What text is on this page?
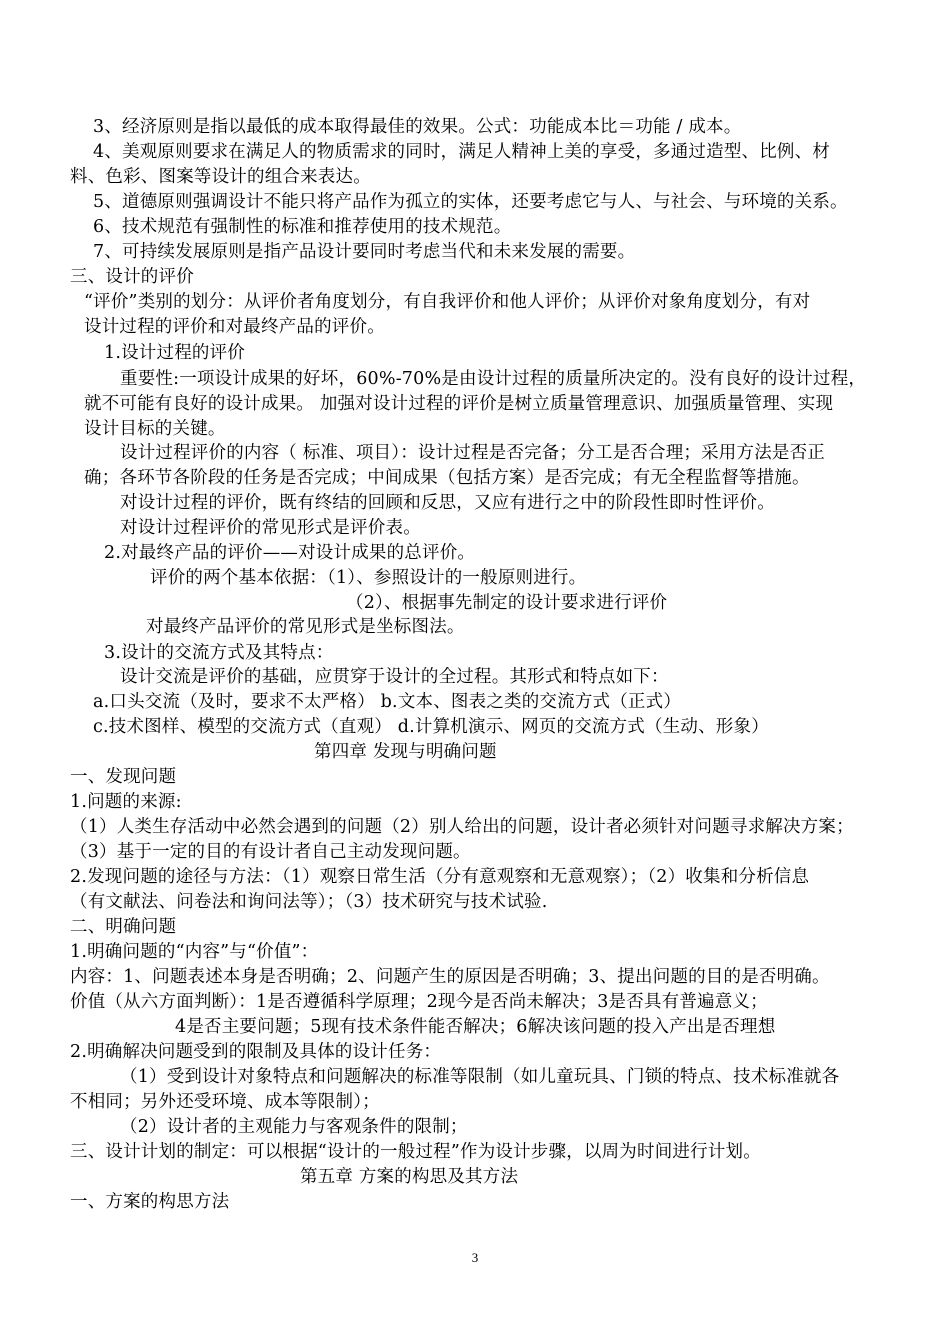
3、经济原则是指以最低的成本取得最佳的效果。公式：功能成本比＝功能 / 成本。
4、美观原则要求在满足人的物质需求的同时，满足人精神上美的享受，多通过造型、比例、材
料、色彩、图案等设计的组合来表达。
5、道德原则强调设计不能只将产品作为孤立的实体，还要考虑它与人、与社会、与环境的关系。
6、技术规范有强制性的标准和推荐使用的技术规范。
7、可持续发展原则是指产品设计要同时考虑当代和未来发展的需要。
三、设计的评价
“评价”类别的划分：从评价者角度划分，有自我评价和他人评价；从评价对象角度划分，有对
设计过程的评价和对最终产品的评价。
1.设计过程的评价
重要性:一项设计成果的好坏，60%-70%是由设计过程的质量所决定的。没有良好的设计过程，
就不可能有良好的设计成果。 加强对设计过程的评价是树立质量管理意识、加强质量管理、实现
设计目标的关键。
设计过程评价的内容（ 标准、项目）：设计过程是否完备；分工是否合理；采用方法是否正
确；各环节各阶段的任务是否完成；中间成果（包括方案）是否完成；有无全程监督等措施。
对设计过程的评价，既有终结的回顾和反思，又应有进行之中的阶段性即时性评价。
对设计过程评价的常见形式是评价表。
2.对最终产品的评价——对设计成果的总评价。
评价的两个基本依据：（1）、参照设计的一般原则进行。
（2）、根据事先制定的设计要求进行评价
对最终产品评价的常见形式是坐标图法。
3.设计的交流方式及其特点：
设计交流是评价的基础，应贯穿于设计的全过程。其形式和特点如下：
a.口头交流（及时，要求不太严格） b.文本、图表之类的交流方式（正式）
c.技术图样、模型的交流方式（直观） d.计算机演示、网页的交流方式（生动、形象）
第四章 发现与明确问题
一、发现问题
1.问题的来源:
（1）人类生存活动中必然会遇到的问题（2）别人给出的问题，设计者必须针对问题寻求解决方案；
（3）基于一定的目的有设计者自己主动发现问题。
2.发现问题的途径与方法：（1）观察日常生活（分有意观察和无意观察）；（2）收集和分析信息
（有文献法、问卷法和询问法等）；（3）技术研究与技术试验.
二、明确问题
1.明确问题的“内容”与“价值”：
内容：1、问题表述本身是否明确；2、问题产生的原因是否明确；3、提出问题的目的是否明确。
价值（从六方面判断）：1是否遵循科学原理；2现今是否尚未解决；3是否具有普遍意义；
4是否主要问题；5现有技术条件能否解决；6解决该问题的投入产出是否理想
2.明确解决问题受到的限制及具体的设计任务：
（1）受到设计对象特点和问题解决的标准等限制（如儿童玩具、门锁的特点、技术标准就各
不相同；另外还受环境、成本等限制）；
（2）设计者的主观能力与客观条件的限制；
三、设计计划的制定：可以根据“设计的一般过程”作为设计步骤，以周为时间进行计划。
第五章 方案的构思及其方法
一、方案的构思方法
3
